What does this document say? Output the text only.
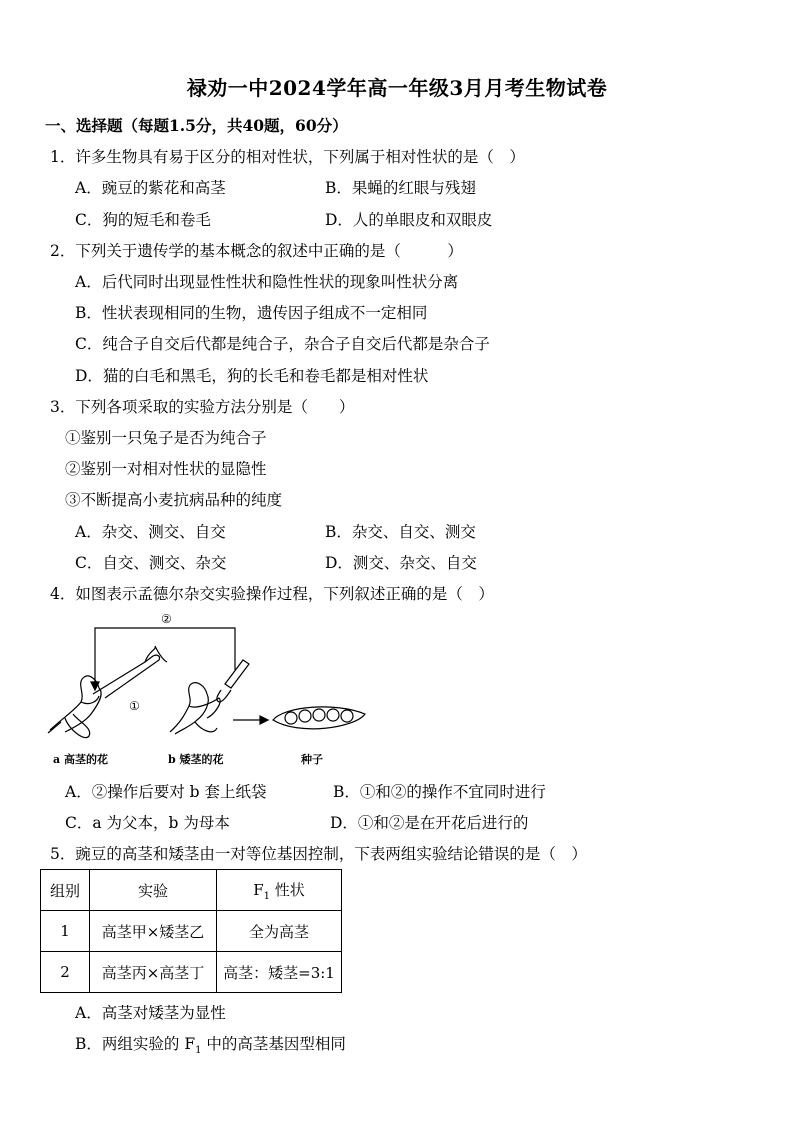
禄劝一中2024学年高一年级3月月考生物试卷
一、选择题（每题1.5分，共40题，60分）
1．许多生物具有易于区分的相对性状，下列属于相对性状的是（　）
A．豌豆的紫花和高茎	B．果蝇的红眼与残翅
C．狗的短毛和卷毛	D．人的单眼皮和双眼皮
2．下列关于遗传学的基本概念的叙述中正确的是（　　　）
A．后代同时出现显性性状和隐性性状的现象叫性状分离
B．性状表现相同的生物，遗传因子组成不一定相同
C．纯合子自交后代都是纯合子，杂合子自交后代都是杂合子
D．猫的白毛和黑毛，狗的长毛和卷毛都是相对性状
3．下列各项采取的实验方法分别是（　　）
①鉴别一只兔子是否为纯合子
②鉴别一对相对性状的显隐性
③不断提高小麦抗病品种的纯度
A．杂交、测交、自交	B．杂交、自交、测交
C．自交、测交、杂交	D．测交、杂交、自交
4．如图表示孟德尔杂交实验操作过程，下列叙述正确的是（　）
②
①
a 高茎的花	b 矮茎的花	种子
A．②操作后要对 b 套上纸袋	B．①和②的操作不宜同时进行
C．a 为父本，b 为母本	D．①和②是在开花后进行的
5．豌豆的高茎和矮茎由一对等位基因控制，下表两组实验结论错误的是（　）
组别	实验	$F_1$ 性状
1	高茎甲×矮茎乙	全为高茎
2	高茎丙×高茎丁	高茎：矮茎=3:1
A．高茎对矮茎为显性
B．两组实验的 $F_1$ 中的高茎基因型相同
